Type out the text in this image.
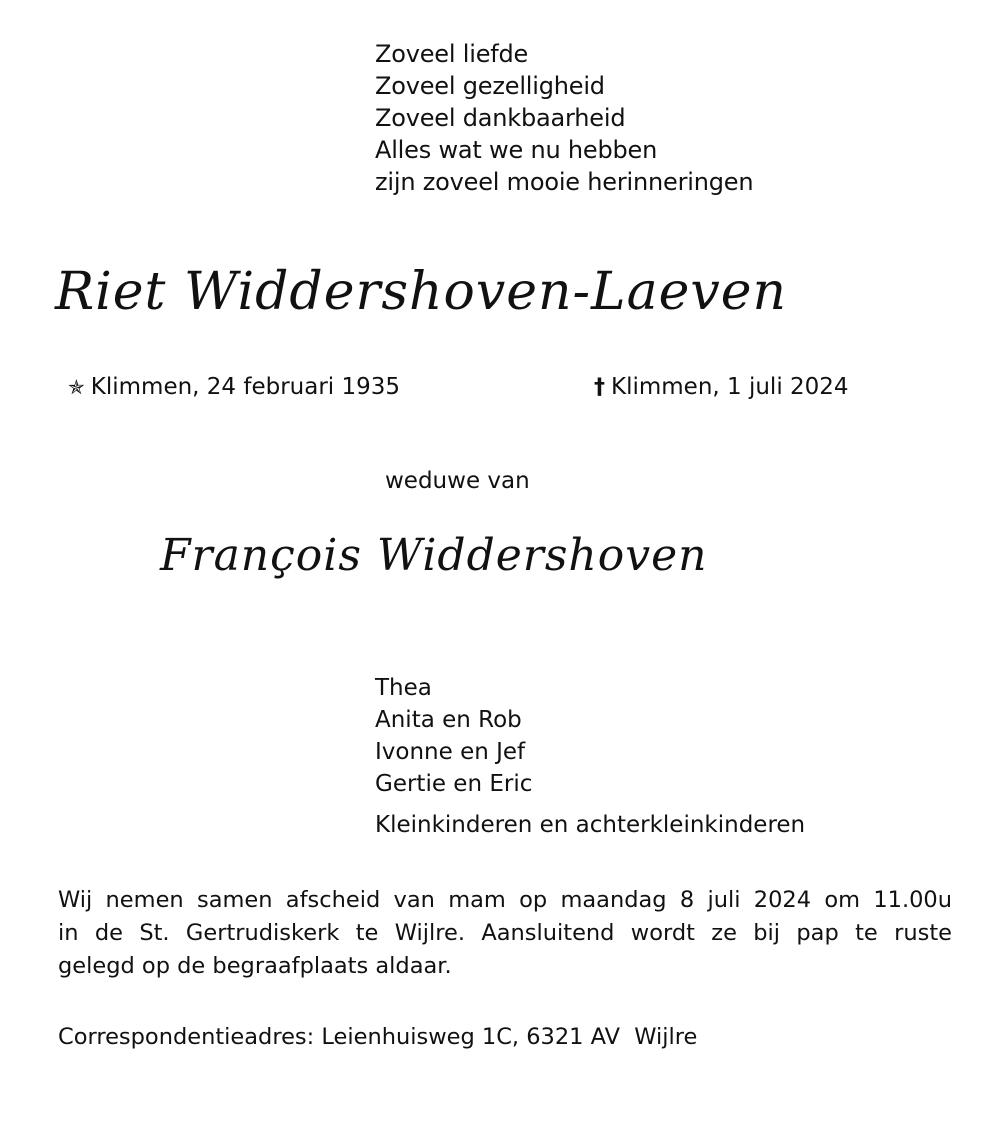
Zoveel liefde
Zoveel gezelligheid
Zoveel dankbaarheid
Alles wat we nu hebben
zijn zoveel mooie herinneringen
Riet Widdershoven-Laeven
✯ Klimmen, 24 februari 1935	† Klimmen, 1 juli 2024
weduwe van
François Widdershoven
Thea
Anita en Rob
Ivonne en Jef
Gertie en Eric
Kleinkinderen en achterkleinkinderen
Wij nemen samen afscheid van mam op maandag 8 juli 2024 om 11.00u
in de St. Gertrudiskerk te Wijlre. Aansluitend wordt ze bij pap te ruste
gelegd op de begraafplaats aldaar.
Correspondentieadres: Leienhuisweg 1C, 6321 AV  Wijlre
